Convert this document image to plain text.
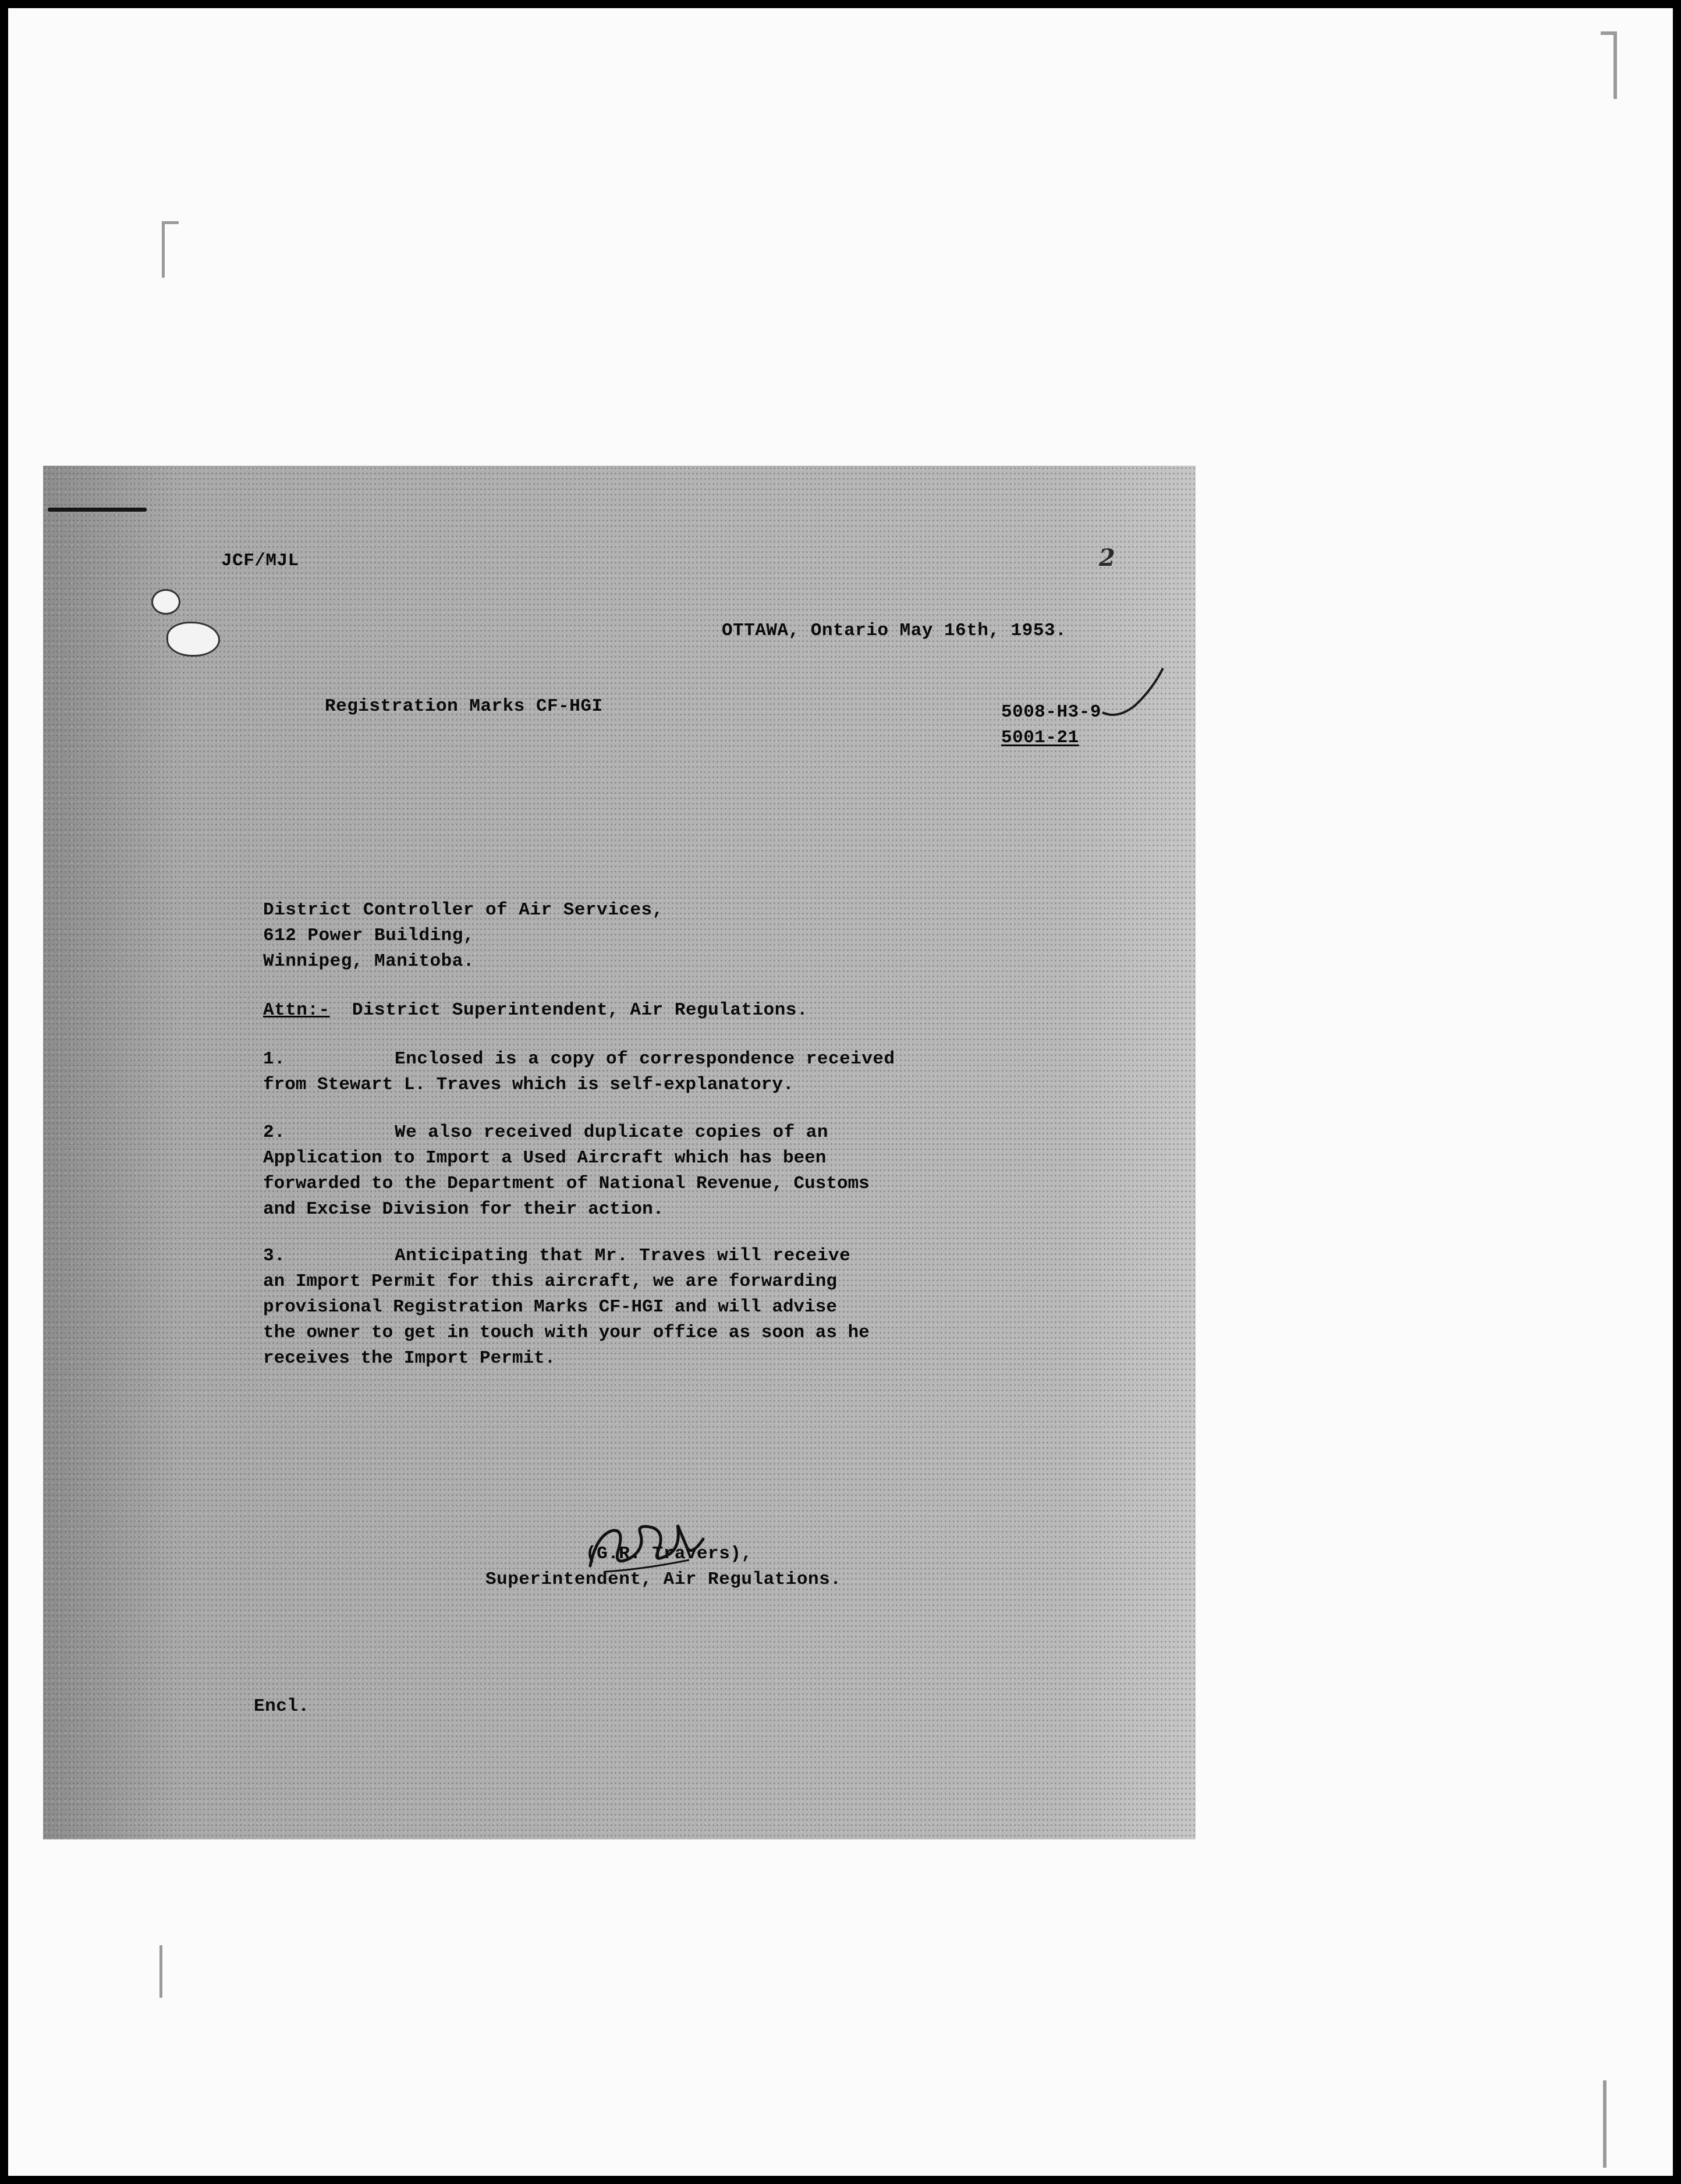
JCF/MJL	2
OTTAWA, Ontario May 16th, 1953.
Registration Marks CF-HGI	5008-H3-9
5001-21
District Controller of Air Services,
612 Power Building,
Winnipeg, Manitoba.
Attn:- District Superintendent, Air Regulations.
1.	Enclosed is a copy of correspondence received
from Stewart L. Traves which is self-explanatory.
2.	We also received duplicate copies of an
Application to Import a Used Aircraft which has been
forwarded to the Department of National Revenue, Customs
and Excise Division for their action.
3.	Anticipating that Mr. Traves will receive
an Import Permit for this aircraft, we are forwarding
provisional Registration Marks CF-HGI and will advise
the owner to get in touch with your office as soon as he
receives the Import Permit.
(G.R. Travers),
Superintendent, Air Regulations.
Encl.
